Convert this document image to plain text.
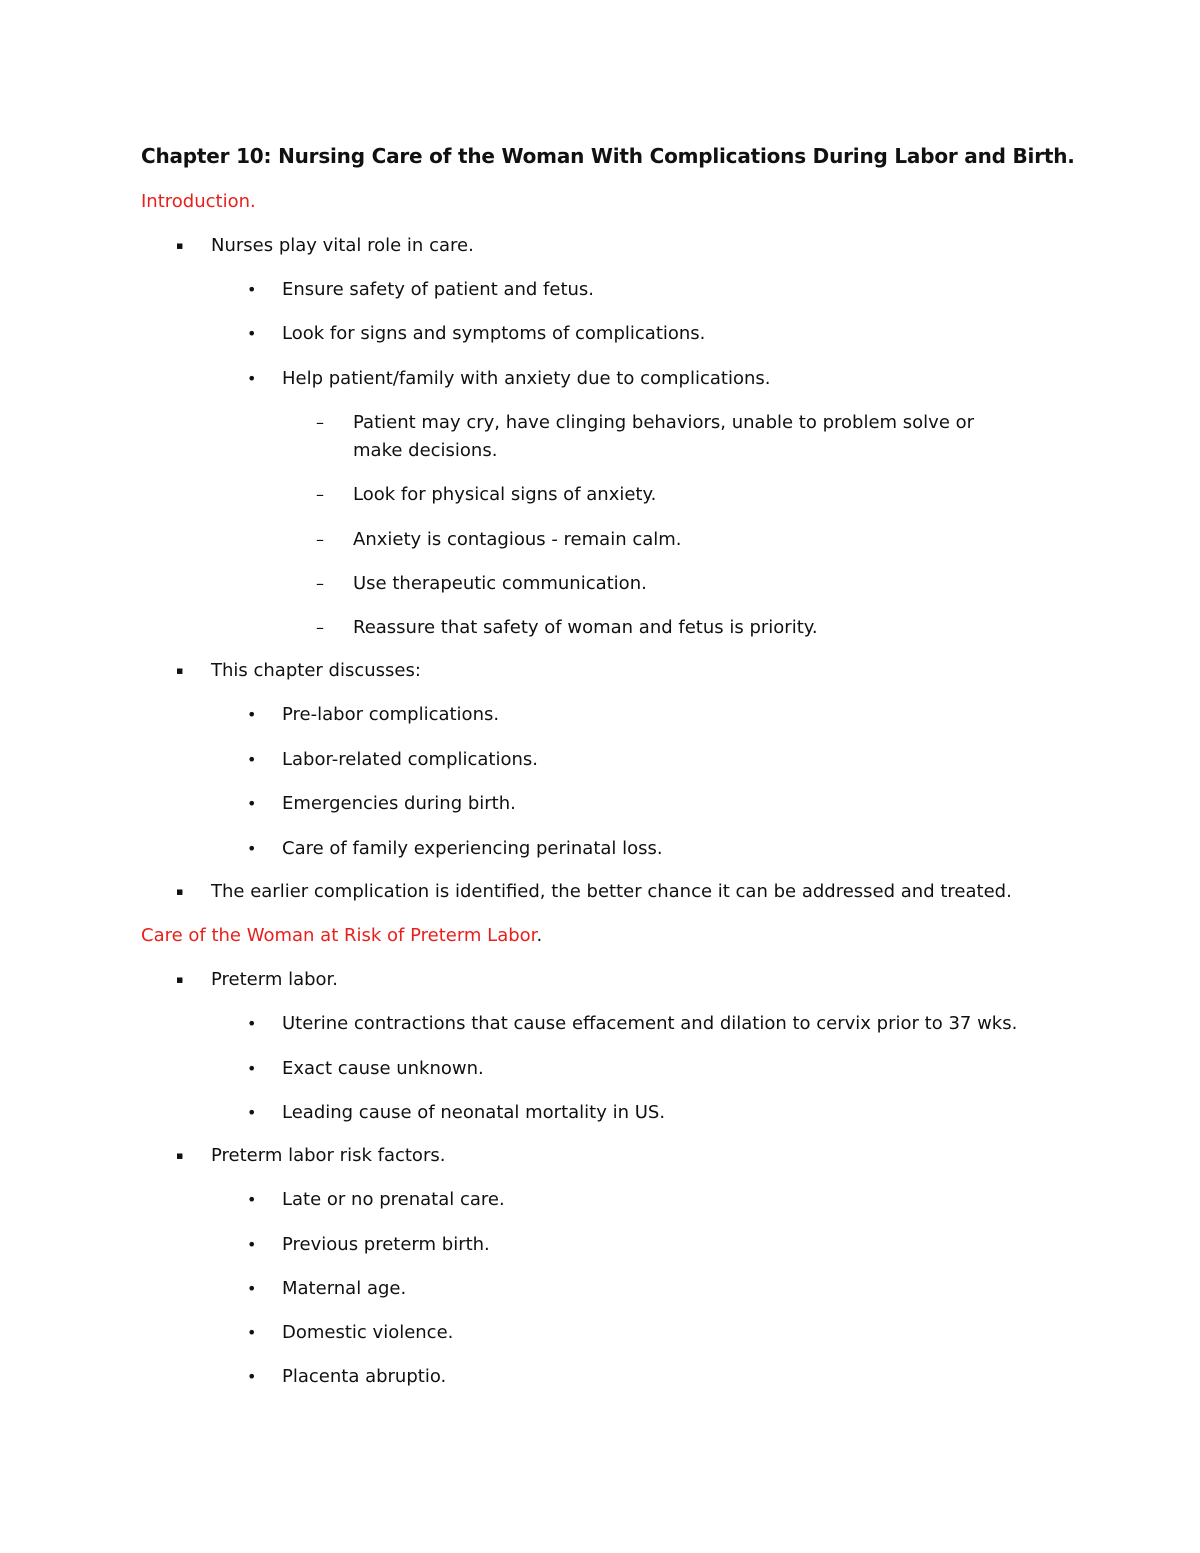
Chapter 10: Nursing Care of the Woman With Complications During Labor and Birth.
Introduction.
▪ Nurses play vital role in care.
• Ensure safety of patient and fetus.
• Look for signs and symptoms of complications.
• Help patient/family with anxiety due to complications.
– Patient may cry, have clinging behaviors, unable to problem solve or make decisions.
– Look for physical signs of anxiety.
– Anxiety is contagious - remain calm.
– Use therapeutic communication.
– Reassure that safety of woman and fetus is priority.
▪ This chapter discusses:
• Pre-labor complications.
• Labor-related complications.
• Emergencies during birth.
• Care of family experiencing perinatal loss.
▪ The earlier complication is identified, the better chance it can be addressed and treated.
Care of the Woman at Risk of Preterm Labor.
▪ Preterm labor.
• Uterine contractions that cause effacement and dilation to cervix prior to 37 wks.
• Exact cause unknown.
• Leading cause of neonatal mortality in US.
▪ Preterm labor risk factors.
• Late or no prenatal care.
• Previous preterm birth.
• Maternal age.
• Domestic violence.
• Placenta abruptio.
